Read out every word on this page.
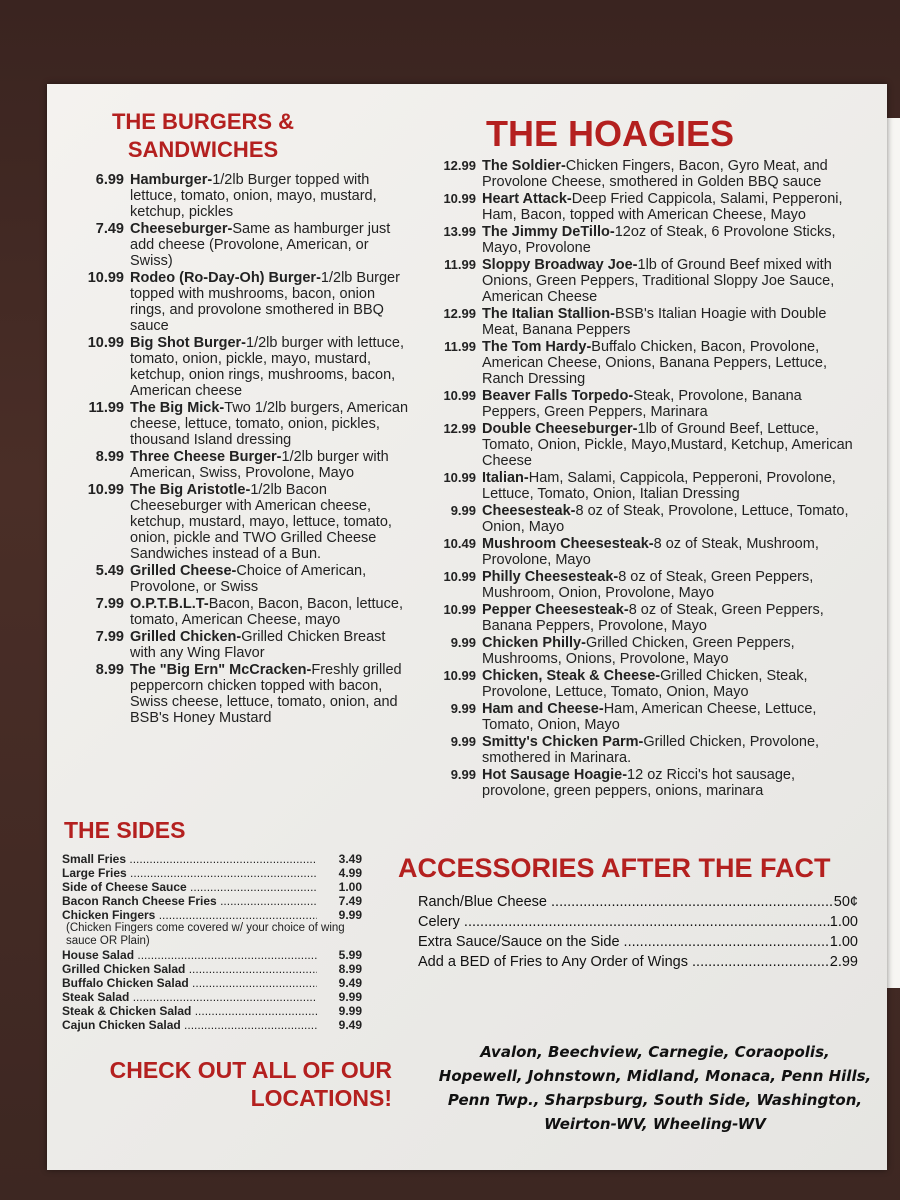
THE BURGERS & SANDWICHES
6.99 Hamburger-1/2lb Burger topped with lettuce, tomato, onion, mayo, mustard, ketchup, pickles
7.49 Cheeseburger-Same as hamburger just add cheese (Provolone, American, or Swiss)
10.99 Rodeo (Ro-Day-Oh) Burger-1/2lb Burger topped with mushrooms, bacon, onion rings, and provolone smothered in BBQ sauce
10.99 Big Shot Burger-1/2lb burger with lettuce, tomato, onion, pickle, mayo, mustard, ketchup, onion rings, mushrooms, bacon, American cheese
11.99 The Big Mick-Two 1/2lb burgers, American cheese, lettuce, tomato, onion, pickles, thousand Island dressing
8.99 Three Cheese Burger-1/2lb burger with American, Swiss, Provolone, Mayo
10.99 The Big Aristotle-1/2lb Bacon Cheeseburger with American cheese, ketchup, mustard, mayo, lettuce, tomato, onion, pickle and TWO Grilled Cheese Sandwiches instead of a Bun.
5.49 Grilled Cheese-Choice of American, Provolone, or Swiss
7.99 O.P.T.B.L.T-Bacon, Bacon, Bacon, lettuce, tomato, American Cheese, mayo
7.99 Grilled Chicken-Grilled Chicken Breast with any Wing Flavor
8.99 The "Big Ern" McCracken-Freshly grilled peppercorn chicken topped with bacon, Swiss cheese, lettuce, tomato, onion, and BSB's Honey Mustard
THE HOAGIES
12.99 The Soldier-Chicken Fingers, Bacon, Gyro Meat, and Provolone Cheese, smothered in Golden BBQ sauce
10.99 Heart Attack-Deep Fried Cappicola, Salami, Pepperoni, Ham, Bacon, topped with American Cheese, Mayo
13.99 The Jimmy DeTillo-12oz of Steak, 6 Provolone Sticks, Mayo, Provolone
11.99 Sloppy Broadway Joe-1lb of Ground Beef mixed with Onions, Green Peppers, Traditional Sloppy Joe Sauce, American Cheese
12.99 The Italian Stallion-BSB's Italian Hoagie with Double Meat, Banana Peppers
11.99 The Tom Hardy-Buffalo Chicken, Bacon, Provolone, American Cheese, Onions, Banana Peppers, Lettuce, Ranch Dressing
10.99 Beaver Falls Torpedo-Steak, Provolone, Banana Peppers, Green Peppers, Marinara
12.99 Double Cheeseburger-1lb of Ground Beef, Lettuce, Tomato, Onion, Pickle, Mayo,Mustard, Ketchup, American Cheese
10.99 Italian-Ham, Salami, Cappicola, Pepperoni, Provolone, Lettuce, Tomato, Onion, Italian Dressing
9.99 Cheesesteak-8 oz of Steak, Provolone, Lettuce, Tomato, Onion, Mayo
10.49 Mushroom Cheesesteak-8 oz of Steak, Mushroom, Provolone, Mayo
10.99 Philly Cheesesteak-8 oz of Steak, Green Peppers, Mushroom, Onion, Provolone, Mayo
10.99 Pepper Cheesesteak-8 oz of Steak, Green Peppers, Banana Peppers, Provolone, Mayo
9.99 Chicken Philly-Grilled Chicken, Green Peppers, Mushrooms, Onions, Provolone, Mayo
10.99 Chicken, Steak & Cheese-Grilled Chicken, Steak, Provolone, Lettuce, Tomato, Onion, Mayo
9.99 Ham and Cheese-Ham, American Cheese, Lettuce, Tomato, Onion, Mayo
9.99 Smitty's Chicken Parm-Grilled Chicken, Provolone, smothered in Marinara.
9.99 Hot Sausage Hoagie-12 oz Ricci's hot sausage, provolone, green peppers, onions, marinara
THE SIDES
Small Fries .....	3.49
Large Fries .....	4.99
Side of Cheese Sauce .....	1.00
Bacon Ranch Cheese Fries .....	7.49
Chicken Fingers .....	9.99
(Chicken Fingers come covered w/ your choice of wing sauce OR Plain)
House Salad .....	5.99
Grilled Chicken Salad .....	8.99
Buffalo Chicken Salad .....	9.49
Steak Salad .....	9.99
Steak & Chicken Salad .....	9.99
Cajun Chicken Salad .....	9.49
ACCESSORIES AFTER THE FACT
Ranch/Blue Cheese .....	50¢
Celery .....	1.00
Extra Sauce/Sauce on the Side .....	1.00
Add a BED of Fries to Any Order of Wings .....	2.99
CHECK OUT ALL OF OUR LOCATIONS!
Avalon, Beechview, Carnegie, Coraopolis,
Hopewell, Johnstown, Midland, Monaca, Penn Hills,
Penn Twp., Sharpsburg, South Side, Washington,
Weirton-WV, Wheeling-WV
